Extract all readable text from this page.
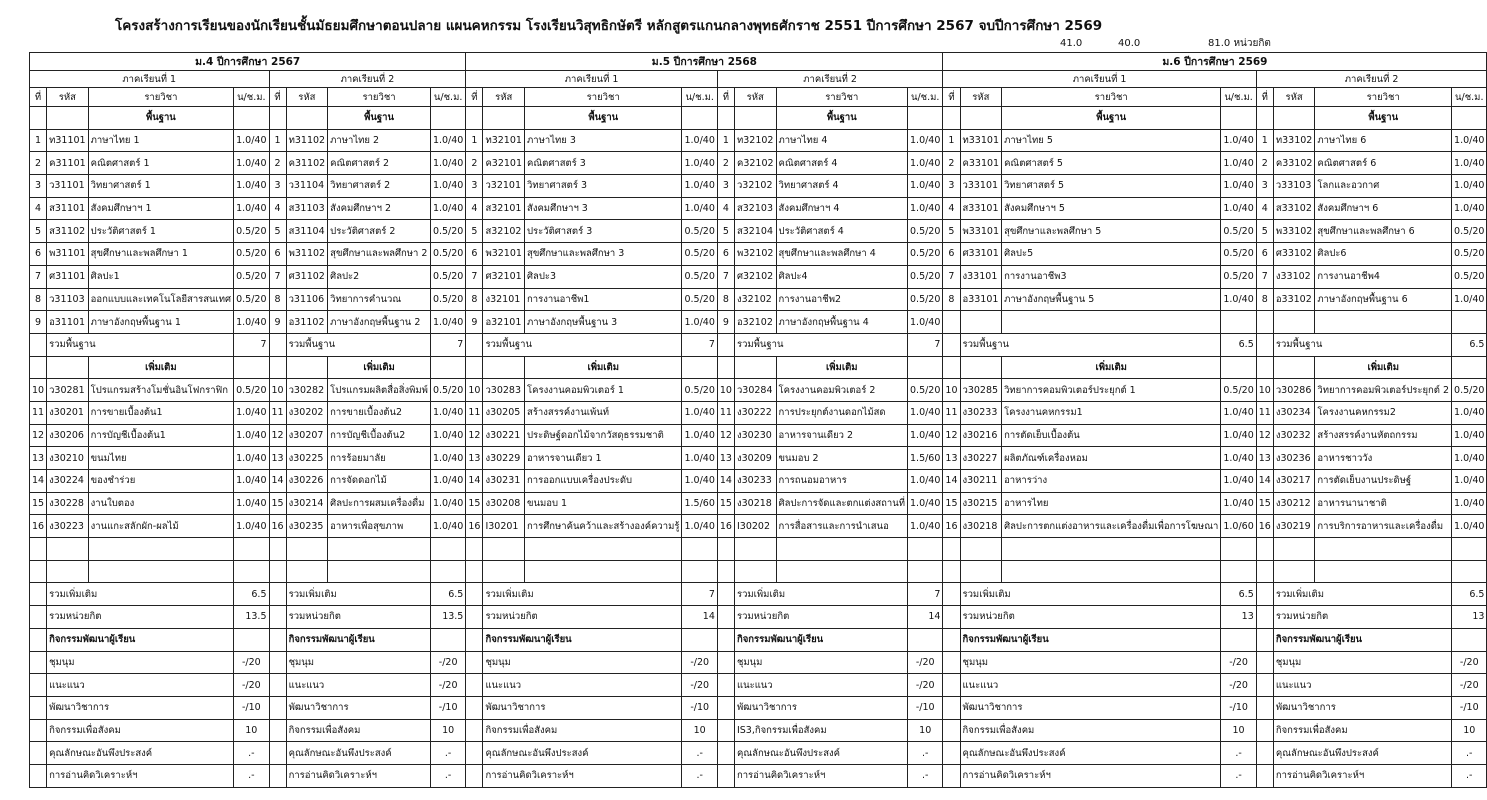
โครงสร้างการเรียนของนักเรียนชั้นมัธยมศึกษาตอนปลาย แผนคหกรรม โรงเรียนวิสุทธิกษัตรี หลักสูตรแกนกลางพุทธศักราช 2551 ปีการศึกษา 2567 จบปีการศึกษา 2569
41.0	40.0	81.0 หน่วยกิต
ม.4 ปีการศึกษา 2567								ม.5 ปีการศึกษา 2568								ม.6 ปีการศึกษา 2569							
ภาคเรียนที่ 1				ภาคเรียนที่ 2				ภาคเรียนที่ 1				ภาคเรียนที่ 2				ภาคเรียนที่ 1				ภาคเรียนที่ 2			
ที่	รหัส	รายวิชา	น/ช.ม.	ที่	รหัส	รายวิชา	น/ช.ม.	ที่	รหัส	รายวิชา	น/ช.ม.	ที่	รหัส	รายวิชา	น/ช.ม.	ที่	รหัส	รายวิชา	น/ช.ม.	ที่	รหัส	รายวิชา	น/ช.ม.
		พื้นฐาน				พื้นฐาน				พื้นฐาน				พื้นฐาน				พื้นฐาน				พื้นฐาน	
1	ท31101	ภาษาไทย 1	1.0/40	1	ท31102	ภาษาไทย 2	1.0/40	1	ท32101	ภาษาไทย 3	1.0/40	1	ท32102	ภาษาไทย 4	1.0/40	1	ท33101	ภาษาไทย 5	1.0/40	1	ท33102	ภาษาไทย 6	1.0/40
2	ค31101	คณิตศาสตร์ 1	1.0/40	2	ค31102	คณิตศาสตร์ 2	1.0/40	2	ค32101	คณิตศาสตร์ 3	1.0/40	2	ค32102	คณิตศาสตร์ 4	1.0/40	2	ค33101	คณิตศาสตร์ 5	1.0/40	2	ค33102	คณิตศาสตร์ 6	1.0/40
3	ว31101	วิทยาศาสตร์ 1	1.0/40	3	ว31104	วิทยาศาสตร์ 2	1.0/40	3	ว32101	วิทยาศาสตร์ 3	1.0/40	3	ว32102	วิทยาศาสตร์ 4	1.0/40	3	ว33101	วิทยาศาสตร์ 5	1.0/40	3	ว33103	โลกและอวกาศ	1.0/40
4	ส31101	สังคมศึกษาฯ 1	1.0/40	4	ส31103	สังคมศึกษาฯ 2	1.0/40	4	ส32101	สังคมศึกษาฯ 3	1.0/40	4	ส32103	สังคมศึกษาฯ 4	1.0/40	4	ส33101	สังคมศึกษาฯ 5	1.0/40	4	ส33102	สังคมศึกษาฯ 6	1.0/40
5	ส31102	ประวัติศาสตร์ 1	0.5/20	5	ส31104	ประวัติศาสตร์ 2	0.5/20	5	ส32102	ประวัติศาสตร์ 3	0.5/20	5	ส32104	ประวัติศาสตร์ 4	0.5/20	5	พ33101	สุขศึกษาและพลศึกษา 5	0.5/20	5	พ33102	สุขศึกษาและพลศึกษา 6	0.5/20
6	พ31101	สุขศึกษาและพลศึกษา 1	0.5/20	6	พ31102	สุขศึกษาและพลศึกษา 2	0.5/20	6	พ32101	สุขศึกษาและพลศึกษา 3	0.5/20	6	พ32102	สุขศึกษาและพลศึกษา 4	0.5/20	6	ศ33101	ศิลปะ5	0.5/20	6	ศ33102	ศิลปะ6	0.5/20
7	ศ31101	ศิลปะ1	0.5/20	7	ศ31102	ศิลปะ2	0.5/20	7	ศ32101	ศิลปะ3	0.5/20	7	ศ32102	ศิลปะ4	0.5/20	7	ง33101	การงานอาชีพ3	0.5/20	7	ง33102	การงานอาชีพ4	0.5/20
8	ว31103	ออกแบบและเทคโนโลยีสารสนเทศ	0.5/20	8	ว31106	วิทยาการคำนวณ	0.5/20	8	ง32101	การงานอาชีพ1	0.5/20	8	ง32102	การงานอาชีพ2	0.5/20	8	อ33101	ภาษาอังกฤษพื้นฐาน 5	1.0/40	8	อ33102	ภาษาอังกฤษพื้นฐาน 6	1.0/40
9	อ31101	ภาษาอังกฤษพื้นฐาน 1	1.0/40	9	อ31102	ภาษาอังกฤษพื้นฐาน 2	1.0/40	9	อ32101	ภาษาอังกฤษพื้นฐาน 3	1.0/40	9	อ32102	ภาษาอังกฤษพื้นฐาน 4	1.0/40								
	รวมพื้นฐาน		7		รวมพื้นฐาน		7		รวมพื้นฐาน		7		รวมพื้นฐาน		7		รวมพื้นฐาน		6.5		รวมพื้นฐาน		6.5
		เพิ่มเติม				เพิ่มเติม				เพิ่มเติม				เพิ่มเติม				เพิ่มเติม				เพิ่มเติม	
10	ว30281	โปรแกรมสร้างโมชั่นอินโฟกราฟิก	0.5/20	10	ว30282	โปรแกรมผลิตสื่อสิ่งพิมพ์	0.5/20	10	ว30283	โครงงานคอมพิวเตอร์ 1	0.5/20	10	ว30284	โครงงานคอมพิวเตอร์ 2	0.5/20	10	ว30285	วิทยาการคอมพิวเตอร์ประยุกต์ 1	0.5/20	10	ว30286	วิทยาการคอมพิวเตอร์ประยุกต์ 2	0.5/20
11	ง30201	การขายเบื้องต้น1	1.0/40	11	ง30202	การขายเบื้องต้น2	1.0/40	11	ง30205	สร้างสรรค์งานเพ้นท์	1.0/40	11	ง30222	การประยุกต์งานดอกไม้สด	1.0/40	11	ง30233	โครงงานคหกรรม1	1.0/40	11	ง30234	โครงงานคหกรรม2	1.0/40
12	ง30206	การบัญชีเบื้องต้น1	1.0/40	12	ง30207	การบัญชีเบื้องต้น2	1.0/40	12	ง30221	ประดิษฐ์ดอกไม้จากวัสดุธรรมชาติ	1.0/40	12	ง30230	อาหารจานเดียว 2	1.0/40	12	ง30216	การตัดเย็บเบื้องต้น	1.0/40	12	ง30232	สร้างสรรค์งานหัตถกรรม	1.0/40
13	ง30210	ขนมไทย	1.0/40	13	ง30225	การร้อยมาลัย	1.0/40	13	ง30229	อาหารจานเดียว 1	1.0/40	13	ง30209	ขนมอบ 2	1.5/60	13	ง30227	ผลิตภัณฑ์เครื่องหอม	1.0/40	13	ง30236	อาหารชาววัง	1.0/40
14	ง30224	ของชำร่วย	1.0/40	14	ง30226	การจัดดอกไม้	1.0/40	14	ง30231	การออกแบบเครื่องประดับ	1.0/40	14	ง30233	การถนอมอาหาร	1.0/40	14	ง30211	อาหารว่าง	1.0/40	14	ง30217	การตัดเย็บงานประดิษฐ์	1.0/40
15	ง30228	งานใบตอง	1.0/40	15	ง30214	ศิลปะการผสมเครื่องดื่ม	1.0/40	15	ง30208	ขนมอบ 1	1.5/60	15	ง30218	ศิลปะการจัดและตกแต่งสถานที่	1.0/40	15	ง30215	อาหารไทย	1.0/40	15	ง30212	อาหารนานาชาติ	1.0/40
16	ง30223	งานแกะสลักผัก-ผลไม้	1.0/40	16	ง30235	อาหารเพื่อสุขภาพ	1.0/40	16	I30201	การศึกษาค้นคว้าและสร้างองค์ความรู้	1.0/40	16	I30202	การสื่อสารและการนำเสนอ	1.0/40	16	ง30218	ศิลปะการตกแต่งอาหารและเครื่องดื่มเพื่อการโฆษณา	1.0/60	16	ง30219	การบริการอาหารและเครื่องดื่ม	1.0/40

	รวมเพิ่มเติม		6.5		รวมเพิ่มเติม		6.5		รวมเพิ่มเติม		7		รวมเพิ่มเติม		7		รวมเพิ่มเติม		6.5		รวมเพิ่มเติม		6.5
	รวมหน่วยกิต		13.5		รวมหน่วยกิต		13.5		รวมหน่วยกิต		14		รวมหน่วยกิต		14		รวมหน่วยกิต		13		รวมหน่วยกิต		13
	กิจกรรมพัฒนาผู้เรียน				กิจกรรมพัฒนาผู้เรียน				กิจกรรมพัฒนาผู้เรียน				กิจกรรมพัฒนาผู้เรียน				กิจกรรมพัฒนาผู้เรียน				กิจกรรมพัฒนาผู้เรียน		
	ชุมนุม		-/20		ชุมนุม		-/20		ชุมนุม		-/20		ชุมนุม		-/20		ชุมนุม		-/20		ชุมนุม		-/20
	แนะแนว		-/20		แนะแนว		-/20		แนะแนว		-/20		แนะแนว		-/20		แนะแนว		-/20		แนะแนว		-/20
	พัฒนาวิชาการ		-/10		พัฒนาวิชาการ		-/10		พัฒนาวิชาการ		-/10		พัฒนาวิชาการ		-/10		พัฒนาวิชาการ		-/10		พัฒนาวิชาการ		-/10
	กิจกรรมเพื่อสังคม		10		กิจกรรมเพื่อสังคม		10		กิจกรรมเพื่อสังคม		10		IS3,กิจกรรมเพื่อสังคม		10		กิจกรรมเพื่อสังคม		10		กิจกรรมเพื่อสังคม		10
	คุณลักษณะอันพึงประสงค์		.-		คุณลักษณะอันพึงประสงค์		.-		คุณลักษณะอันพึงประสงค์		.-		คุณลักษณะอันพึงประสงค์		.-		คุณลักษณะอันพึงประสงค์		.-		คุณลักษณะอันพึงประสงค์		.-
	การอ่านคิดวิเคราะห์ฯ		.-		การอ่านคิดวิเคราะห์ฯ		.-		การอ่านคิดวิเคราะห์ฯ		.-		การอ่านคิดวิเคราะห์ฯ		.-		การอ่านคิดวิเคราะห์ฯ		.-		การอ่านคิดวิเคราะห์ฯ		.-
